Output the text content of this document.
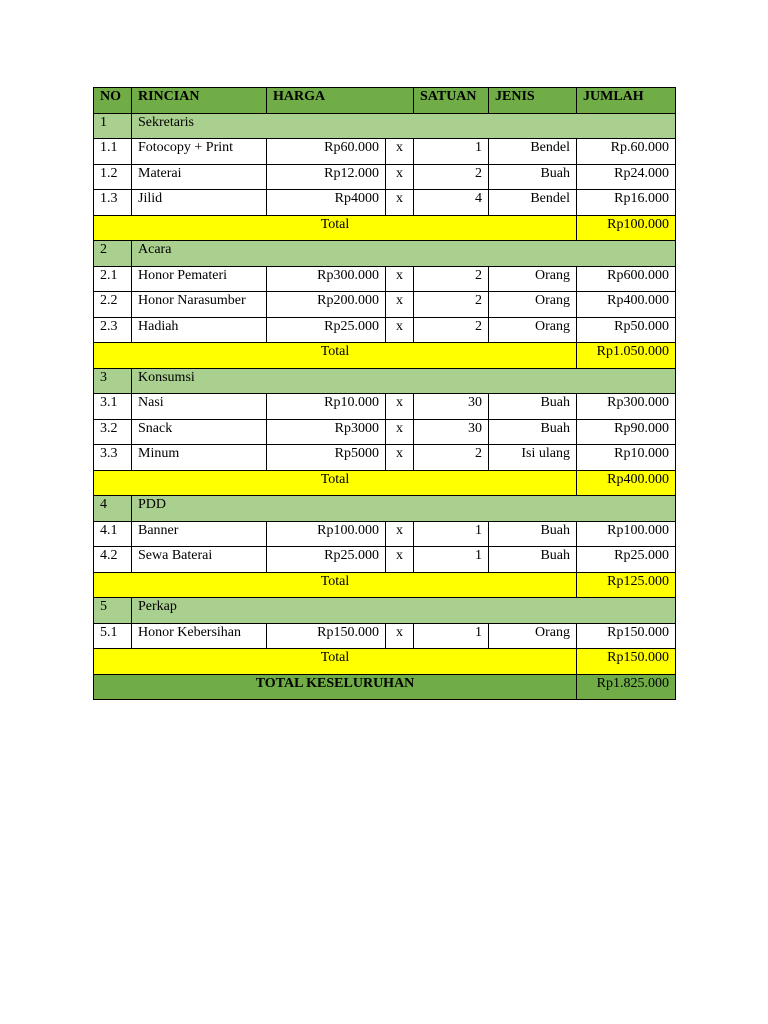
NO	RINCIAN	HARGA		SATUAN	JENIS	JUMLAH
1	Sekretaris					
1.1	Fotocopy + Print	Rp60.000	x	1	Bendel	Rp.60.000
1.2	Materai	Rp12.000	x	2	Buah	Rp24.000
1.3	Jilid	Rp4000	x	4	Bendel	Rp16.000
Total						Rp100.000
2	Acara					
2.1	Honor Pemateri	Rp300.000	x	2	Orang	Rp600.000
2.2	Honor Narasumber	Rp200.000	x	2	Orang	Rp400.000
2.3	Hadiah	Rp25.000	x	2	Orang	Rp50.000
Total						Rp1.050.000
3	Konsumsi					
3.1	Nasi	Rp10.000	x	30	Buah	Rp300.000
3.2	Snack	Rp3000	x	30	Buah	Rp90.000
3.3	Minum	Rp5000	x	2	Isi ulang	Rp10.000
Total						Rp400.000
4	PDD					
4.1	Banner	Rp100.000	x	1	Buah	Rp100.000
4.2	Sewa Baterai	Rp25.000	x	1	Buah	Rp25.000
Total						Rp125.000
5	Perkap					
5.1	Honor Kebersihan	Rp150.000	x	1	Orang	Rp150.000
Total						Rp150.000
TOTAL KESELURUHAN						Rp1.825.000
